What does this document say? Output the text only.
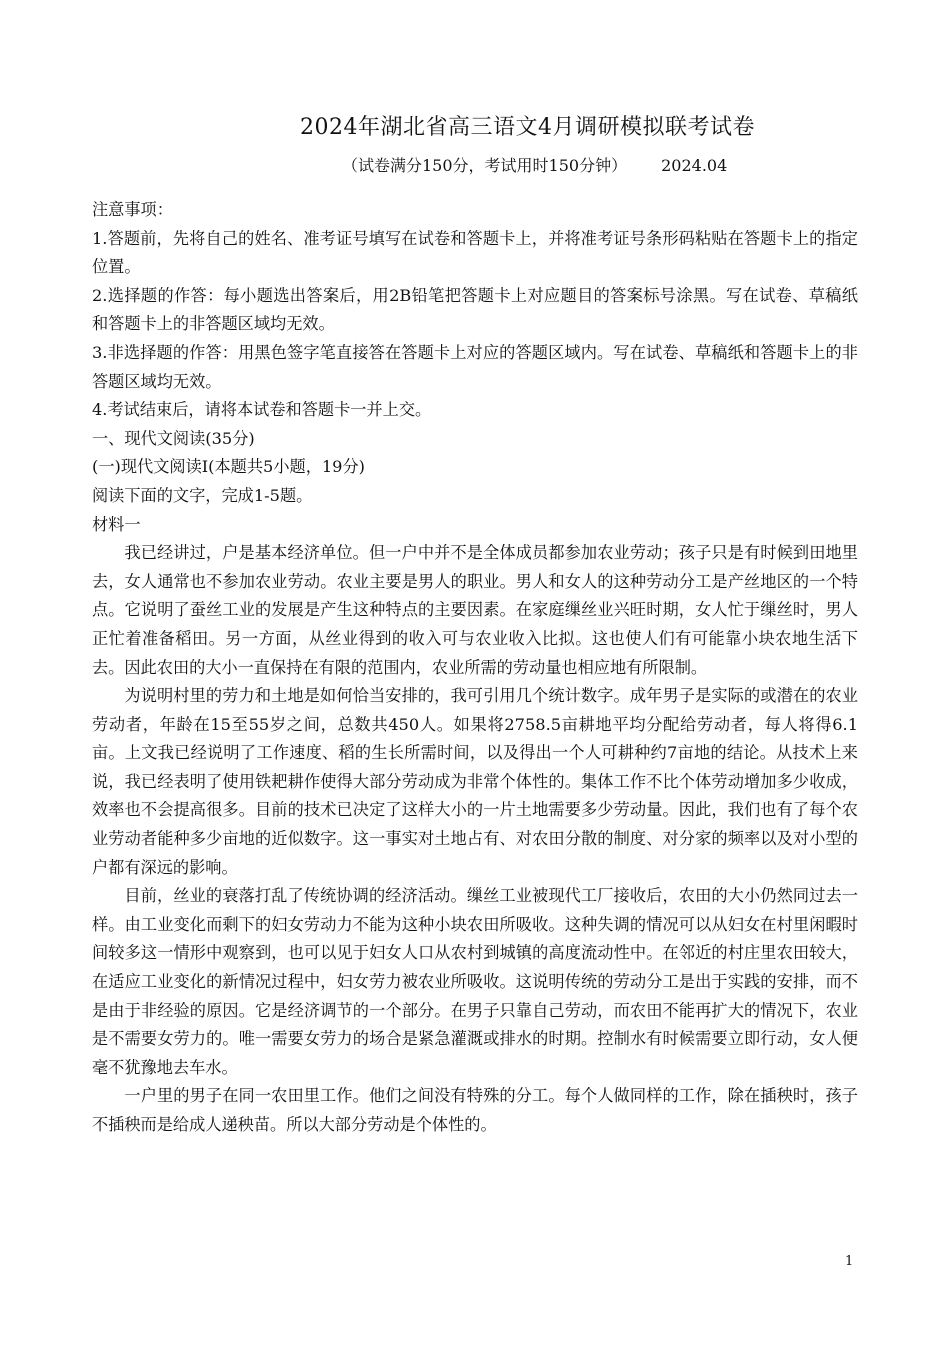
2024年湖北省高三语文4月调研模拟联考试卷
（试卷满分150分，考试用时150分钟） 2024.04
注意事项：

1.答题前，先将自己的姓名、准考证号填写在试卷和答题卡上，并将准考证号条形码粘贴在答题卡上的指定位置。

2.选择题的作答：每小题选出答案后，用2B铅笔把答题卡上对应题目的答案标号涂黑。写在试卷、草稿纸和答题卡上的非答题区域均无效。

3.非选择题的作答：用黑色签字笔直接答在答题卡上对应的答题区域内。写在试卷、草稿纸和答题卡上的非答题区域均无效。

4.考试结束后，请将本试卷和答题卡一并上交。

一、现代文阅读(35分)
(一)现代文阅读Ⅰ(本题共5小题，19分)
阅读下面的文字，完成1-5题。
材料一

我已经讲过，户是基本经济单位。但一户中并不是全体成员都参加农业劳动；孩子只是有时候到田地里去，女人通常也不参加农业劳动。农业主要是男人的职业。男人和女人的这种劳动分工是产丝地区的一个特点。它说明了蚕丝工业的发展是产生这种特点的主要因素。在家庭缫丝业兴旺时期，女人忙于缫丝时，男人正忙着准备稻田。另一方面，从丝业得到的收入可与农业收入比拟。这也使人们有可能靠小块农地生活下去。因此农田的大小一直保持在有限的范围内，农业所需的劳动量也相应地有所限制。

为说明村里的劳力和土地是如何恰当安排的，我可引用几个统计数字。成年男子是实际的或潜在的农业劳动者，年龄在15至55岁之间，总数共450人。如果将2758.5亩耕地平均分配给劳动者，每人将得6.1亩。上文我已经说明了工作速度、稻的生长所需时间，以及得出一个人可耕种约7亩地的结论。从技术上来说，我已经表明了使用铁耙耕作使得大部分劳动成为非常个体性的。集体工作不比个体劳动增加多少收成，效率也不会提高很多。目前的技术已决定了这样大小的一片土地需要多少劳动量。因此，我们也有了每个农业劳动者能种多少亩地的近似数字。这一事实对土地占有、对农田分散的制度、对分家的频率以及对小型的户都有深远的影响。

目前，丝业的衰落打乱了传统协调的经济活动。缫丝工业被现代工厂接收后，农田的大小仍然同过去一样。由工业变化而剩下的妇女劳动力不能为这种小块农田所吸收。这种失调的情况可以从妇女在村里闲暇时间较多这一情形中观察到，也可以见于妇女人口从农村到城镇的高度流动性中。在邻近的村庄里农田较大，在适应工业变化的新情况过程中，妇女劳力被农业所吸收。这说明传统的劳动分工是出于实践的安排，而不是由于非经验的原因。它是经济调节的一个部分。在男子只靠自己劳动，而农田不能再扩大的情况下，农业是不需要女劳力的。唯一需要女劳力的场合是紧急灌溉或排水的时期。控制水有时候需要立即行动，女人便毫不犹豫地去车水。

一户里的男子在同一农田里工作。他们之间没有特殊的分工。每个人做同样的工作，除在插秧时，孩子不插秧而是给成人递秧苗。所以大部分劳动是个体性的。

1
